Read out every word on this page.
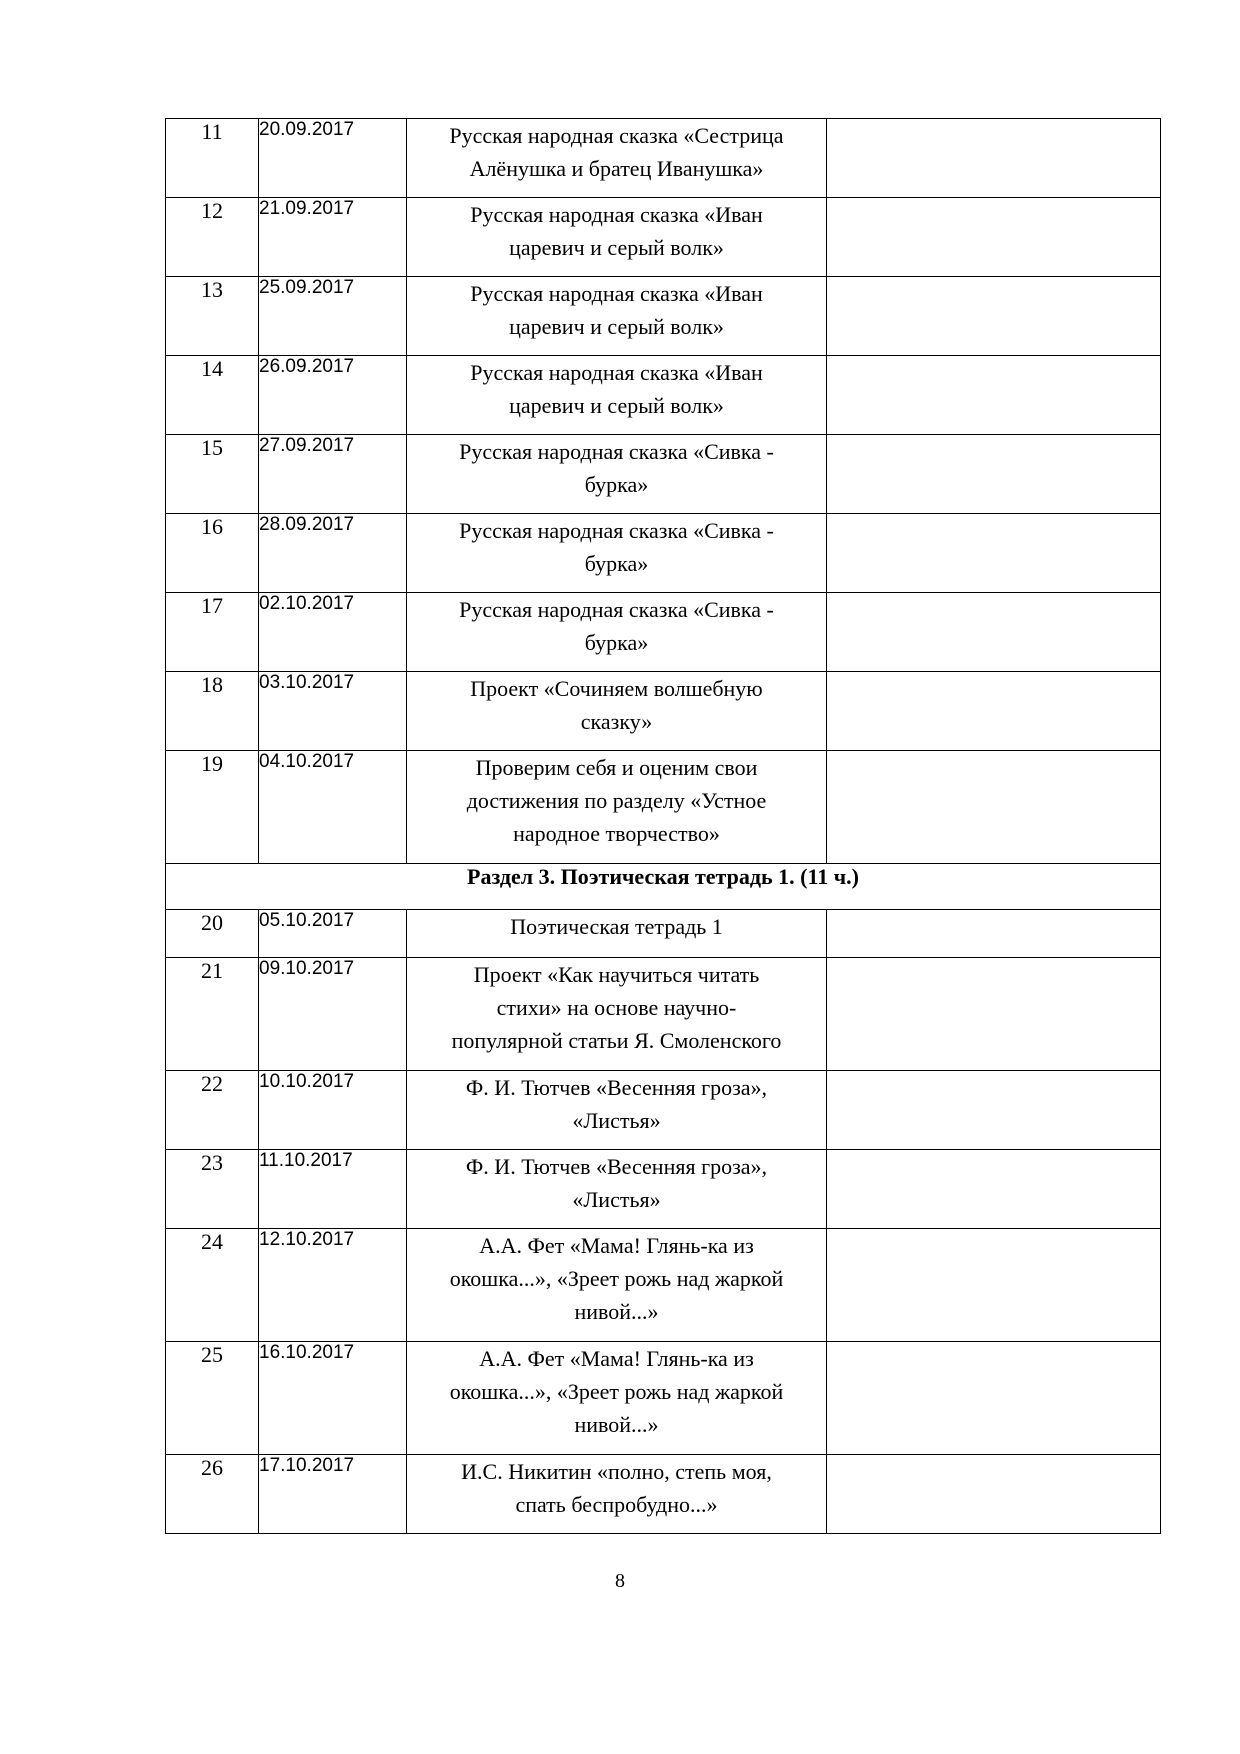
11	20.09.2017	Русская народная сказка «Сестрица
Алёнушка и братец Иванушка»	

12	21.09.2017	Русская народная сказка «Иван
царевич и серый волк»	

13	25.09.2017	Русская народная сказка «Иван
царевич и серый волк»	

14	26.09.2017	Русская народная сказка «Иван
царевич и серый волк»	

15	27.09.2017	Русская народная сказка «Сивка -
бурка»	

16	28.09.2017	Русская народная сказка «Сивка -
бурка»	

17	02.10.2017	Русская народная сказка «Сивка -
бурка»	

18	03.10.2017	Проект «Сочиняем волшебную
сказку»	

19	04.10.2017	Проверим себя и оценим свои
достижения по разделу «Устное
народное творчество»	

Раздел 3. Поэтическая тетрадь 1. (11 ч.)			
20	05.10.2017	Поэтическая тетрадь 1	

21	09.10.2017	Проект «Как научиться читать
стихи» на основе научно-
популярной статьи Я. Смоленского	

22	10.10.2017	Ф. И. Тютчев «Весенняя гроза»,
«Листья»	

23	11.10.2017	Ф. И. Тютчев «Весенняя гроза»,
«Листья»	

24	12.10.2017	А.А. Фет «Мама! Глянь-ка из
окошка...», «Зреет рожь над жаркой
нивой...»	

25	16.10.2017	А.А. Фет «Мама! Глянь-ка из
окошка...», «Зреет рожь над жаркой
нивой...»	

26	17.10.2017	И.С. Никитин «полно, степь моя,
спать беспробудно...»	

8
